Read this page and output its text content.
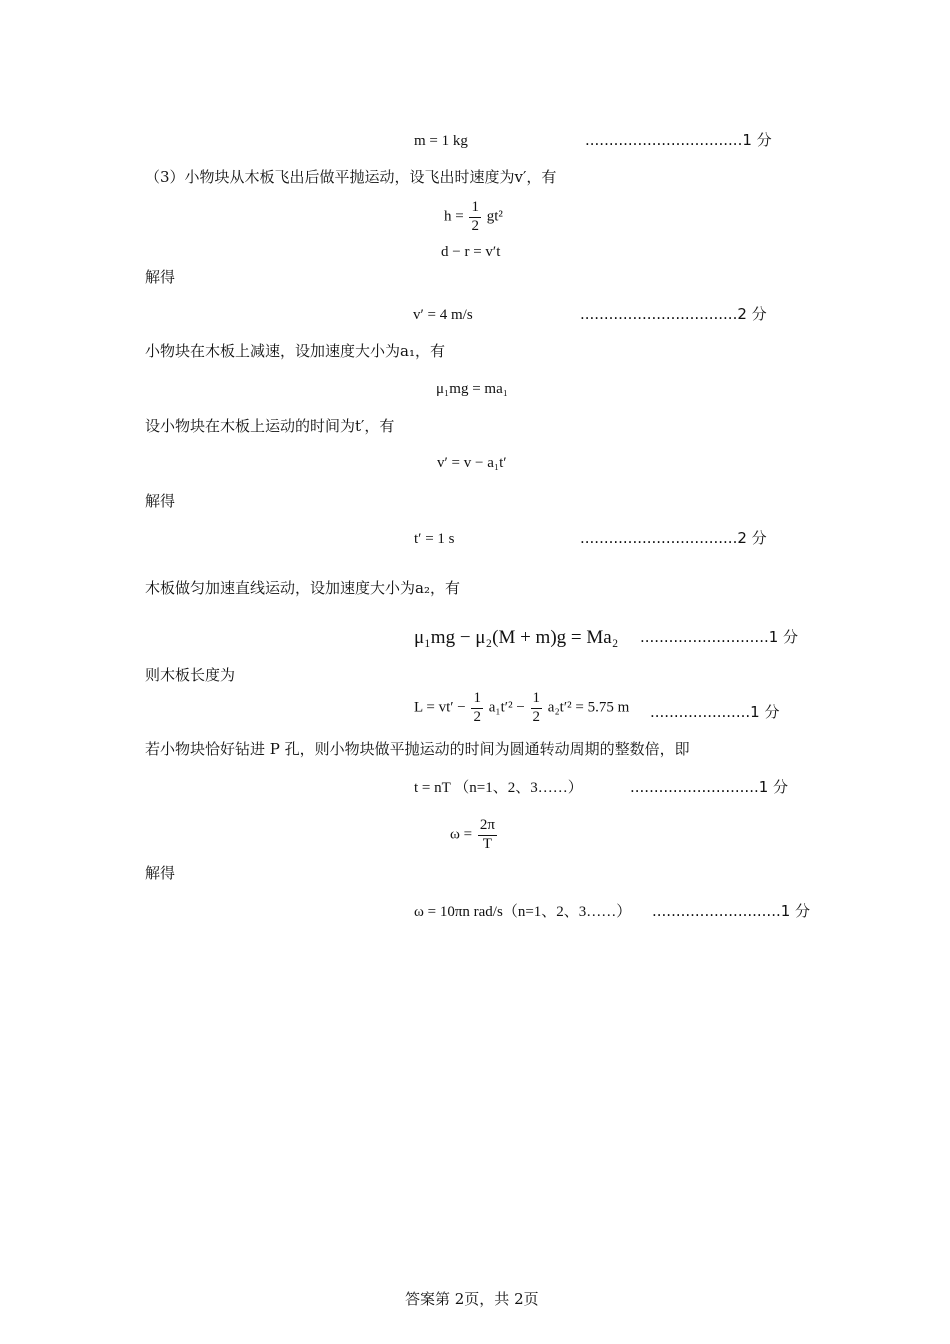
m = 1 kg	.................................1 分
（3）小物块从木板飞出后做平抛运动，设飞出时速度为v′，有
$h = \frac{1}{2} gt^2$
d − r = v′t
解得
v′ = 4 m/s	.................................2 分
小物块在木板上减速，设加速度大小为a₁，有
μ₁mg = ma₁
设小物块在木板上运动的时间为t′，有
v′ = v − a₁t′
解得
t′ = 1 s	.................................2 分
木板做匀加速直线运动，设加速度大小为a₂，有
μ₁mg − μ₂(M + m)g = Ma₂ ...........................1 分
则木板长度为
$L = vt' - \frac{1}{2} a_1t'^2 - \frac{1}{2} a_2t'^2 = 5.75$ m .....................1 分
若小物块恰好钻进 P 孔，则小物块做平抛运动的时间为圆通转动周期的整数倍，即
t = nT （n=1、2、3……）	...........................1 分
$\omega = \frac{2\pi}{T}$
解得
ω = 10πn rad/s（n=1、2、3……） ...........................1 分
答案第 2页，共 2页
